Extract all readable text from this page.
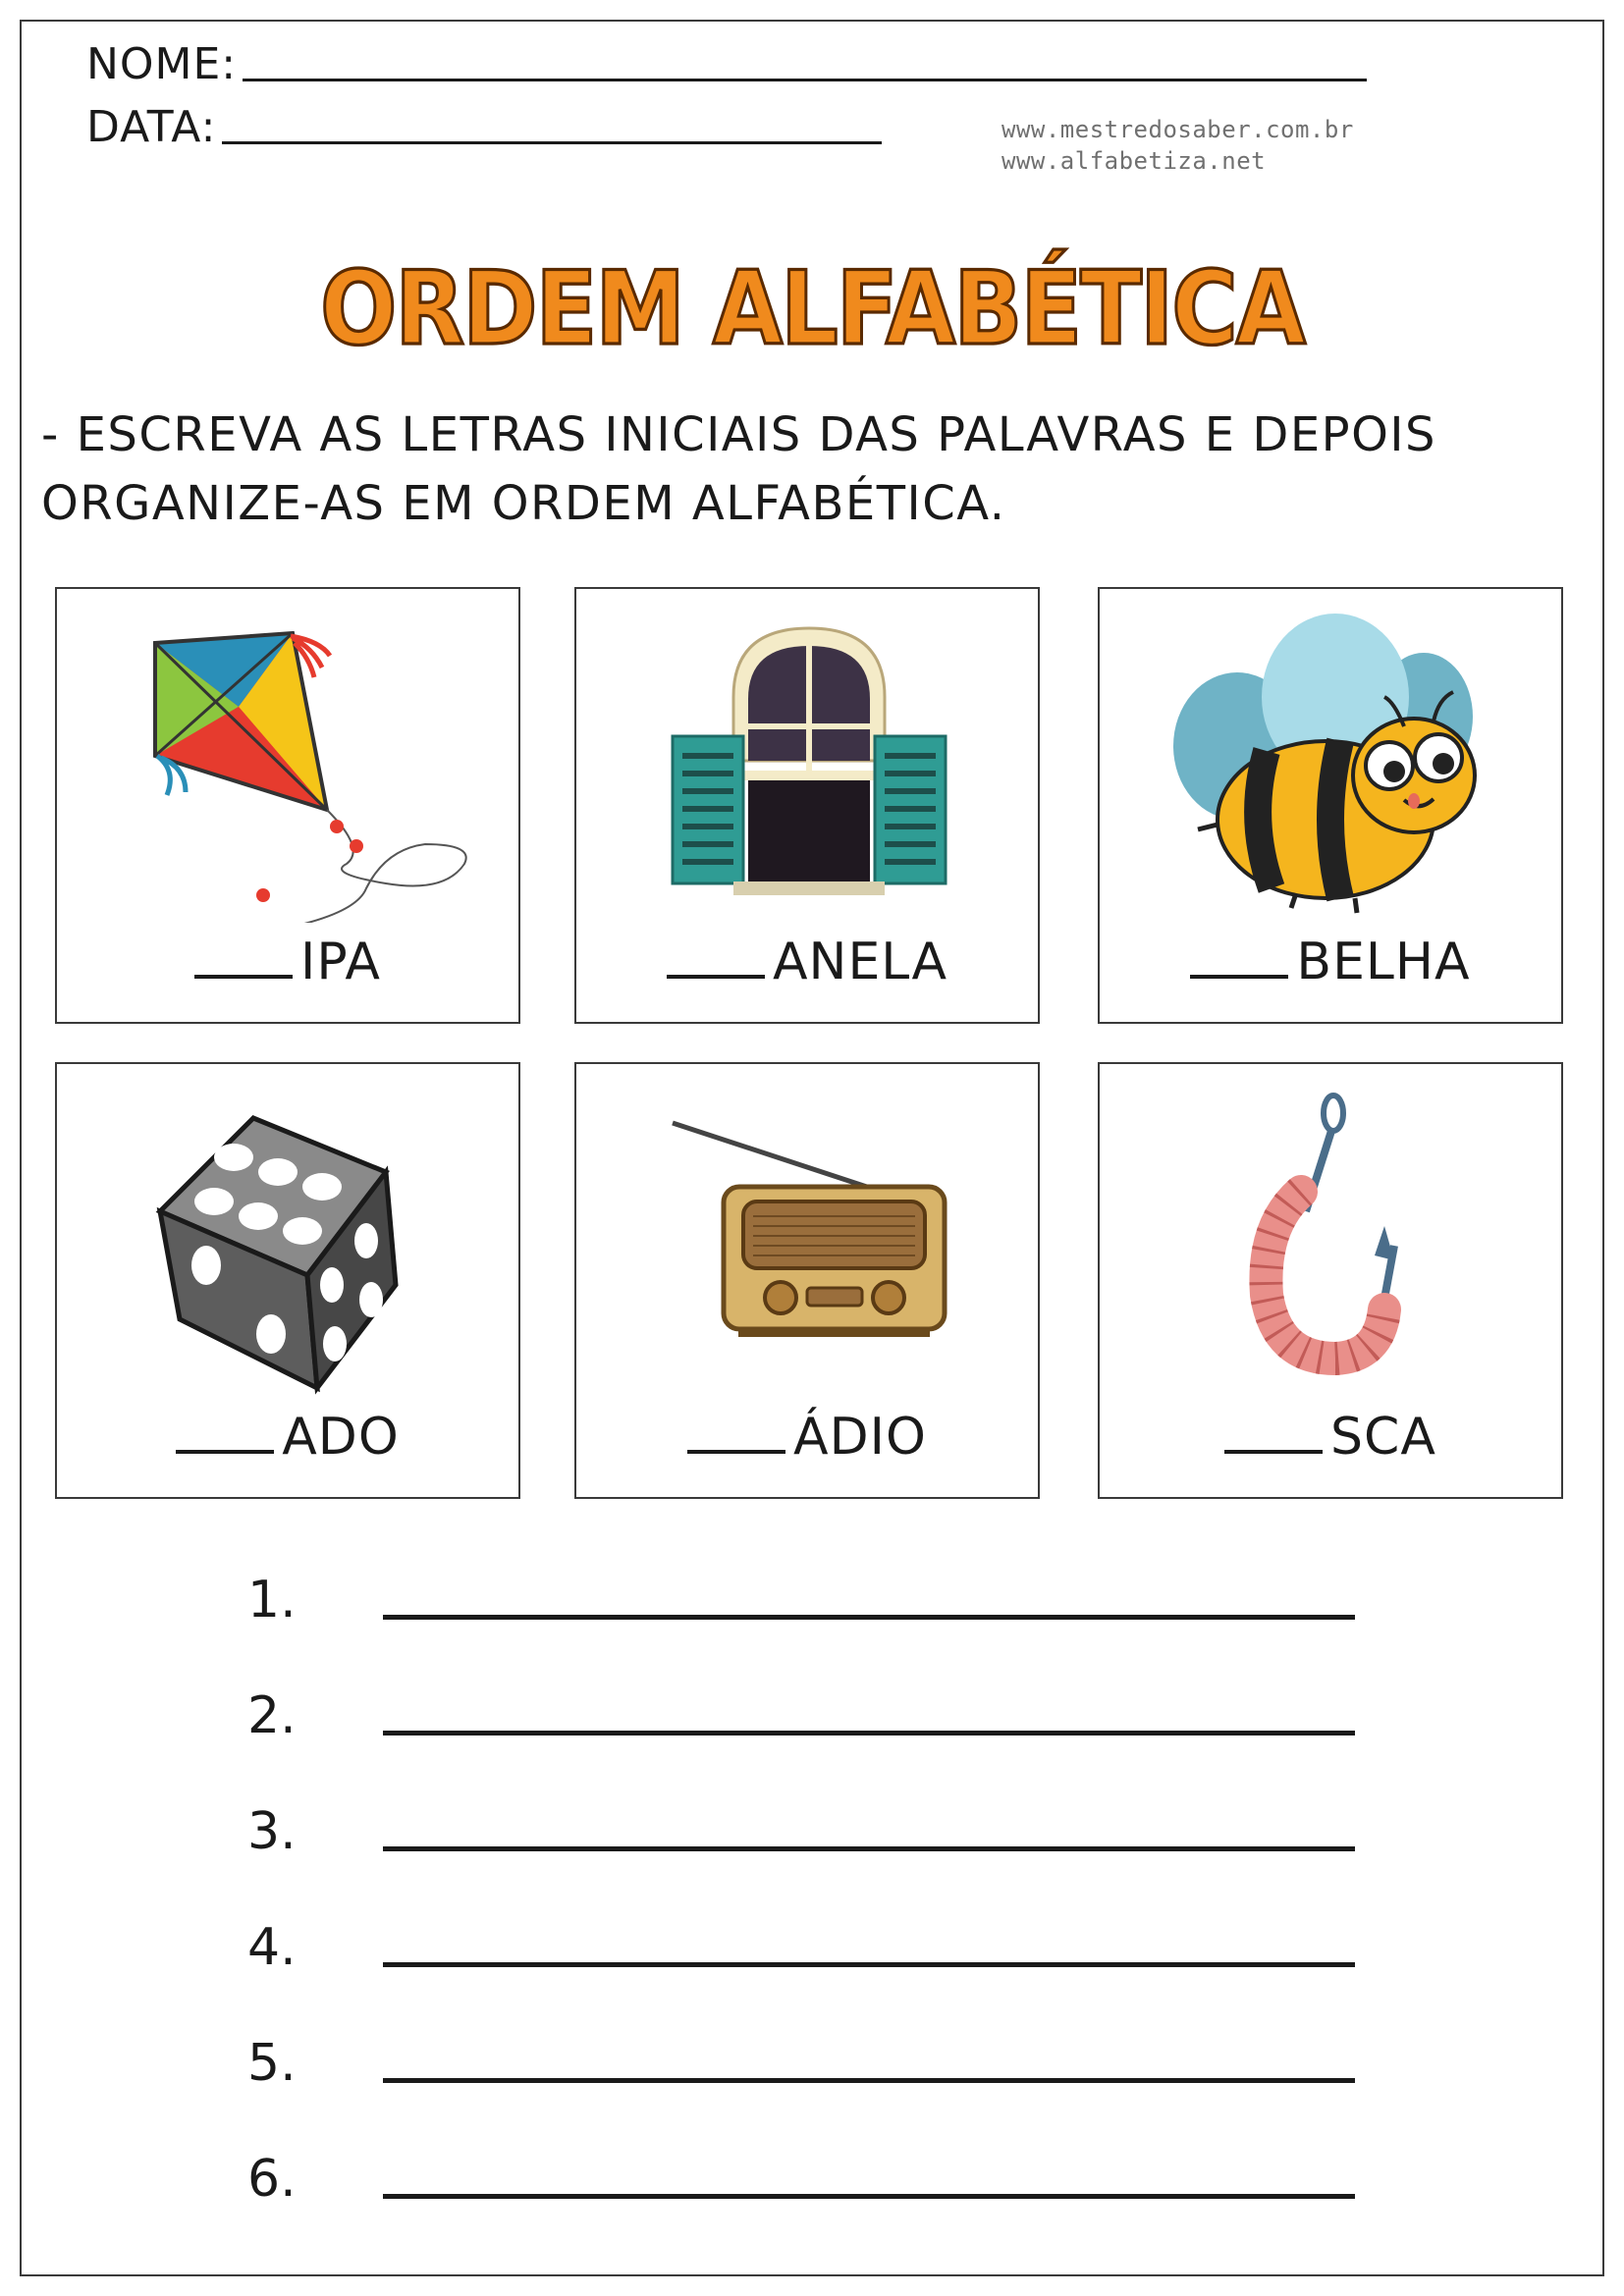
NOME:
DATA:	www.mestredosaber.com.br
www.alfabetiza.net
ORDEM ALFABÉTICA
- ESCREVA AS LETRAS INICIAIS DAS PALAVRAS E DEPOIS ORGANIZE-AS EM ORDEM ALFABÉTICA.
IPA	ANELA	BELHA
ADO	ÁDIO	SCA
1.
2.
3.
4.
5.
6.
